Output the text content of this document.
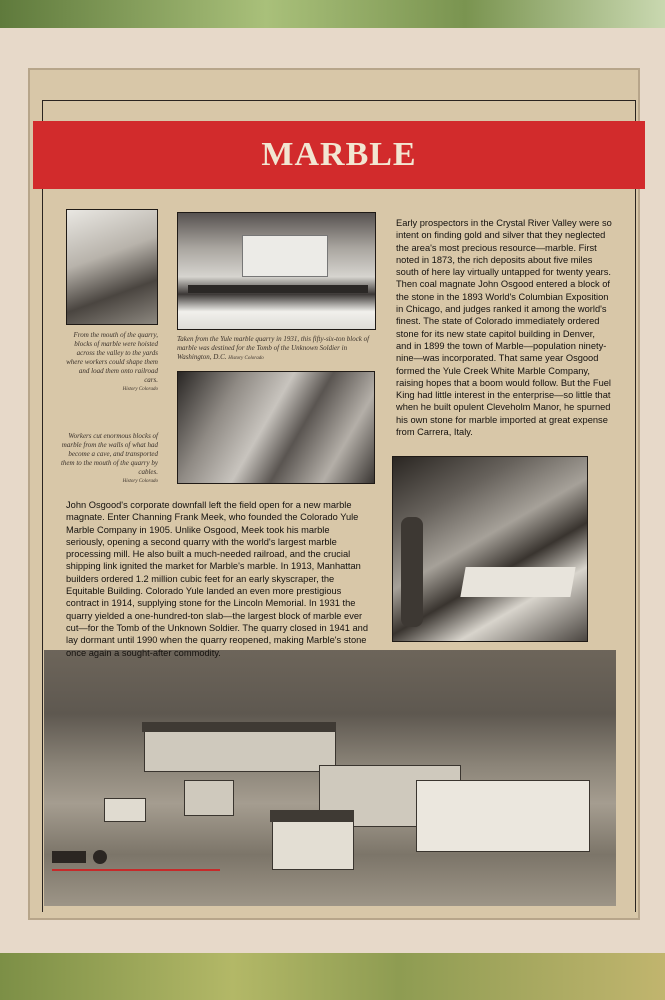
MARBLE
From the mouth of the quarry, blocks of marble were hoisted across the valley to the yards where workers could shape them and load them onto railroad cars.
History Colorado
Taken from the Yule marble quarry in 1931, this fifty-six-ton block of marble was destined for the Tomb of the Unknown Soldier in Washington, D.C. History Colorado
Workers cut enormous blocks of marble from the walls of what had become a cave, and transported them to the mouth of the quarry by cables.
History Colorado
Early prospectors in the Crystal River Valley were so intent on finding gold and silver that they neglected the area's most precious resource—marble. First noted in 1873, the rich deposits about five miles south of here lay virtually untapped for twenty years. Then coal magnate John Osgood entered a block of the stone in the 1893 World's Columbian Exposition in Chicago, and judges ranked it among the world's finest. The state of Colorado immediately ordered stone for its new state capitol building in Denver, and in 1899 the town of Marble—population ninety-nine—was incorporated. That same year Osgood formed the Yule Creek White Marble Company, raising hopes that a boom would follow. But the Fuel King had little interest in the enterprise—so little that when he built opulent Cleveholm Manor, he spurned his own stone for marble imported at great expense from Carrera, Italy.
John Osgood's corporate downfall left the field open for a new marble magnate. Enter Channing Frank Meek, who founded the Colorado Yule Marble Company in 1905. Unlike Osgood, Meek took his marble seriously, opening a second quarry with the world's largest marble processing mill. He also built a much-needed railroad, and the crucial shipping link ignited the market for Marble's marble. In 1913, Manhattan builders ordered 1.2 million cubic feet for an early skyscraper, the Equitable Building. Colorado Yule landed an even more prestigious contract in 1914, supplying stone for the Lincoln Memorial. In 1931 the quarry yielded a one-hundred-ton slab—the largest block of marble ever cut—for the Tomb of the Unknown Soldier. The quarry closed in 1941 and lay dormant until 1990 when the quarry reopened, making Marble's stone once again a sought-after commodity.
